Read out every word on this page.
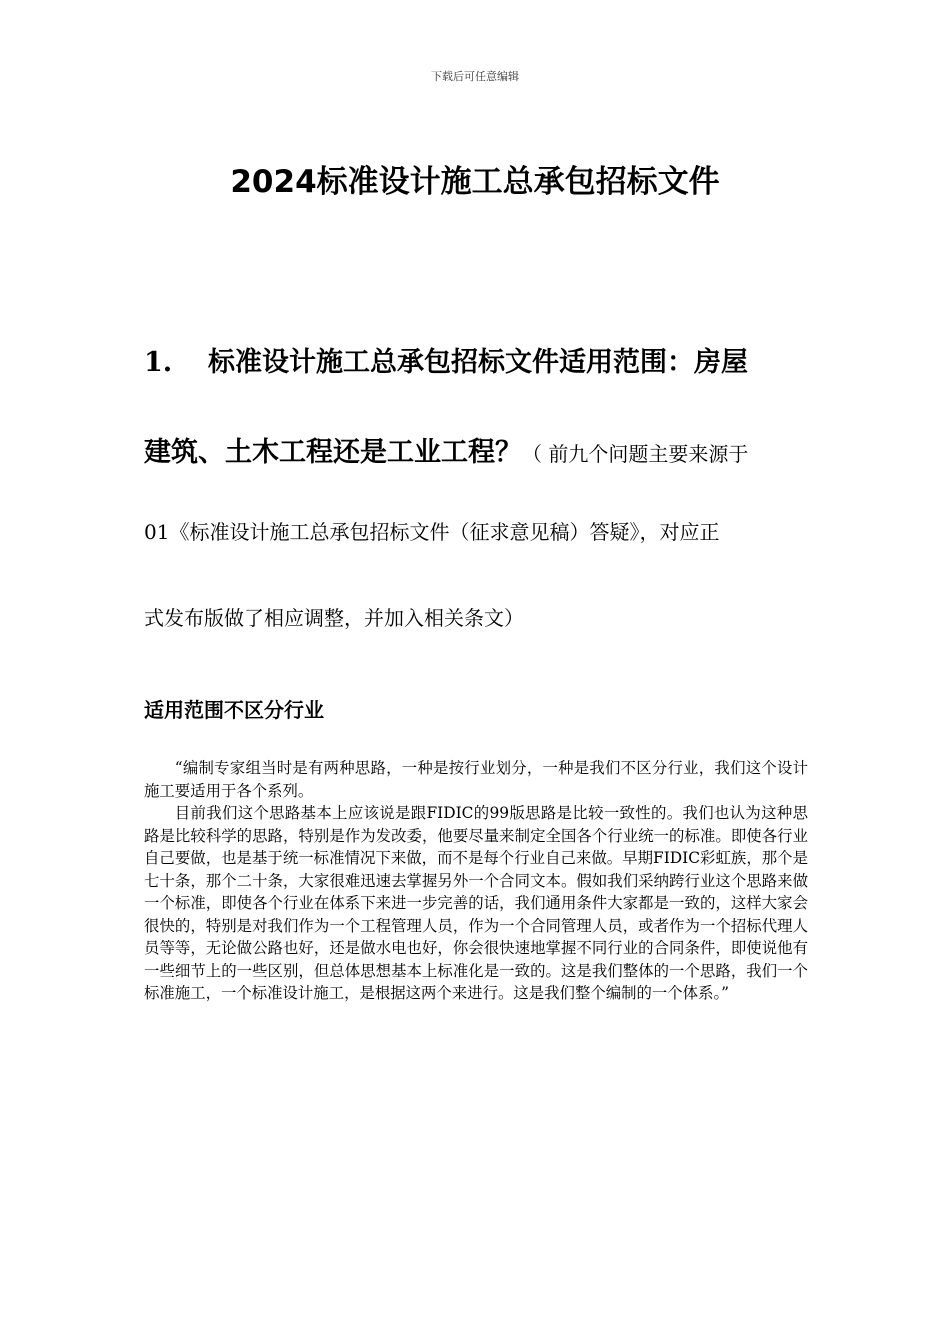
下载后可任意编辑
2024标准设计施工总承包招标文件
1. 标准设计施工总承包招标文件适用范围：房屋
建筑、土木工程还是工业工程？（ 前九个问题主要来源于
01《标准设计施工总承包招标文件（征求意见稿）答疑》，对应正
式发布版做了相应调整，并加入相关条文）
适用范围不区分行业

“编制专家组当时是有两种思路，一种是按行业划分，一种是我们不区分行业，我们这个设计施工要适用于各个系列。

目前我们这个思路基本上应该说是跟FIDIC的99版思路是比较一致性的。我们也认为这种思路是比较科学的思路，特别是作为发改委，他要尽量来制定全国各个行业统一的标准。即使各行业自己要做，也是基于统一标准情况下来做，而不是每个行业自己来做。早期FIDIC彩虹族，那个是七十条，那个二十条，大家很难迅速去掌握另外一个合同文本。假如我们采纳跨行业这个思路来做一个标准，即使各个行业在体系下来进一步完善的话，我们通用条件大家都是一致的，这样大家会很快的，特别是对我们作为一个工程管理人员，作为一个合同管理人员，或者作为一个招标代理人员等等，无论做公路也好，还是做水电也好，你会很快速地掌握不同行业的合同条件，即使说他有一些细节上的一些区别，但总体思想基本上标准化是一致的。这是我们整体的一个思路，我们一个标准施工，一个标准设计施工，是根据这两个来进行。这是我们整个编制的一个体系。”
